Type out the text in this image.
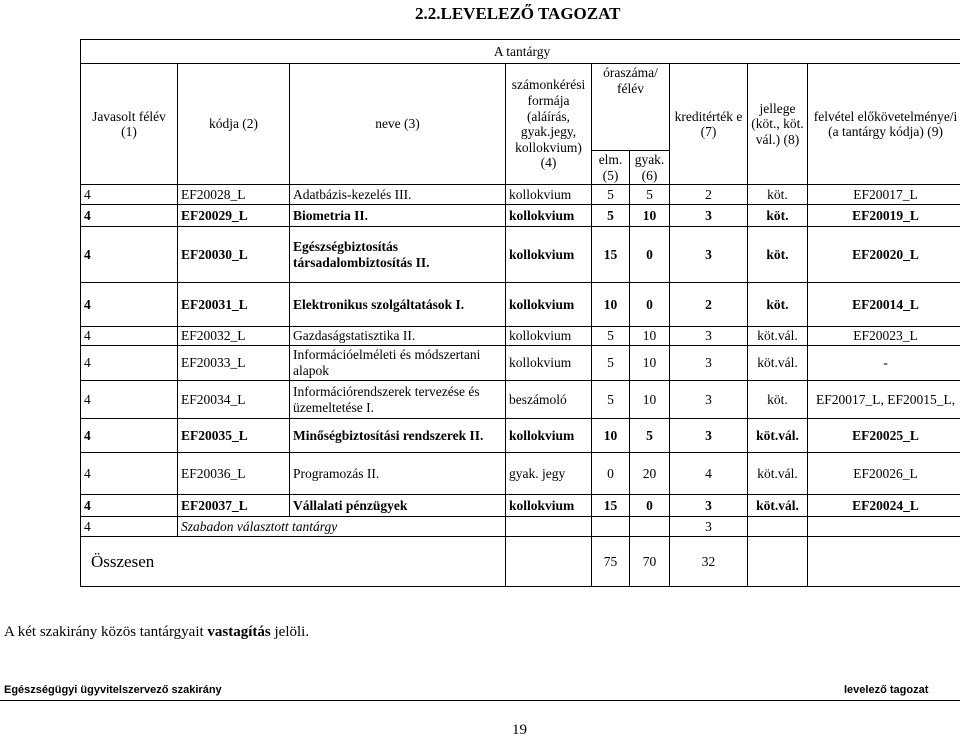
2.2.LEVELEZŐ TAGOZAT
A tantárgy								
Javasolt félév (1)	kódja (2)	neve (3)	számonkérési formája (aláírás, gyak.jegy, kollokvium) (4)	óraszáma/ félév		kreditérték e (7)	jellege (köt., köt. vál.) (8)	felvétel előkövetelménye/i (a tantárgy kódja) (9)
				elm. (5)	gyak. (6)			
4	EF20028_L	Adatbázis-kezelés III.	kollokvium	5	5	2	köt.	EF20017_L
4	EF20029_L	Biometria II.	kollokvium	5	10	3	köt.	EF20019_L
4	EF20030_L	Egészségbiztosítás társadalombiztosítás II.	kollokvium	15	0	3	köt.	EF20020_L
4	EF20031_L	Elektronikus szolgáltatások I.	kollokvium	10	0	2	köt.	EF20014_L
4	EF20032_L	Gazdaságstatisztika II.	kollokvium	5	10	3	köt.vál.	EF20023_L
4	EF20033_L	Információelméleti és módszertani alapok	kollokvium	5	10	3	köt.vál.	-
4	EF20034_L	Információrendszerek tervezése és üzemeltetése I.	beszámoló	5	10	3	köt.	EF20017_L, EF20015_L,
4	EF20035_L	Minőségbiztosítási rendszerek II.	kollokvium	10	5	3	köt.vál.	EF20025_L
4	EF20036_L	Programozás II.	gyak. jegy	0	20	4	köt.vál.	EF20026_L
4	EF20037_L	Vállalati pénzügyek	kollokvium	15	0	3	köt.vál.	EF20024_L
4	Szabadon választott tantárgy					3		
Összesen				75	70	32		
A két szakirány közös tantárgyait vastagítás jelöli.
Egészségügyi ügyvitelszervező szakirány	levelező tagozat
19
